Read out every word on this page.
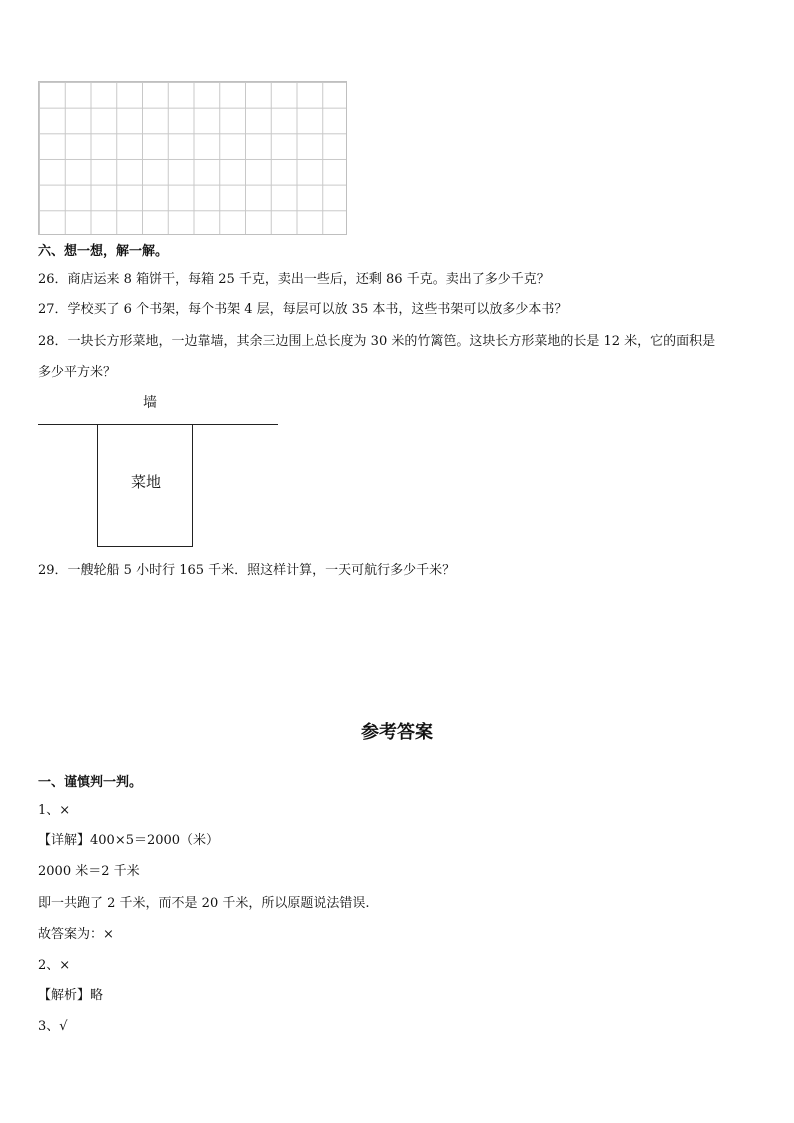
六、想一想，解一解。
26．商店运来 8 箱饼干，每箱 25 千克，卖出一些后，还剩 86 千克。卖出了多少千克？
27．学校买了 6 个书架，每个书架 4 层，每层可以放 35 本书，这些书架可以放多少本书？
28．一块长方形菜地，一边靠墙，其余三边围上总长度为 30 米的竹篱笆。这块长方形菜地的长是 12 米，它的面积是
多少平方米？
墙
菜地
29．一艘轮船 5 小时行 165 千米．照这样计算，一天可航行多少千米？
参考答案
一、谨慎判一判。
1、×
【详解】400×5＝2000（米）
2000 米＝2 千米
即一共跑了 2 千米，而不是 20 千米，所以原题说法错误.
故答案为：×
2、×
【解析】略
3、√
